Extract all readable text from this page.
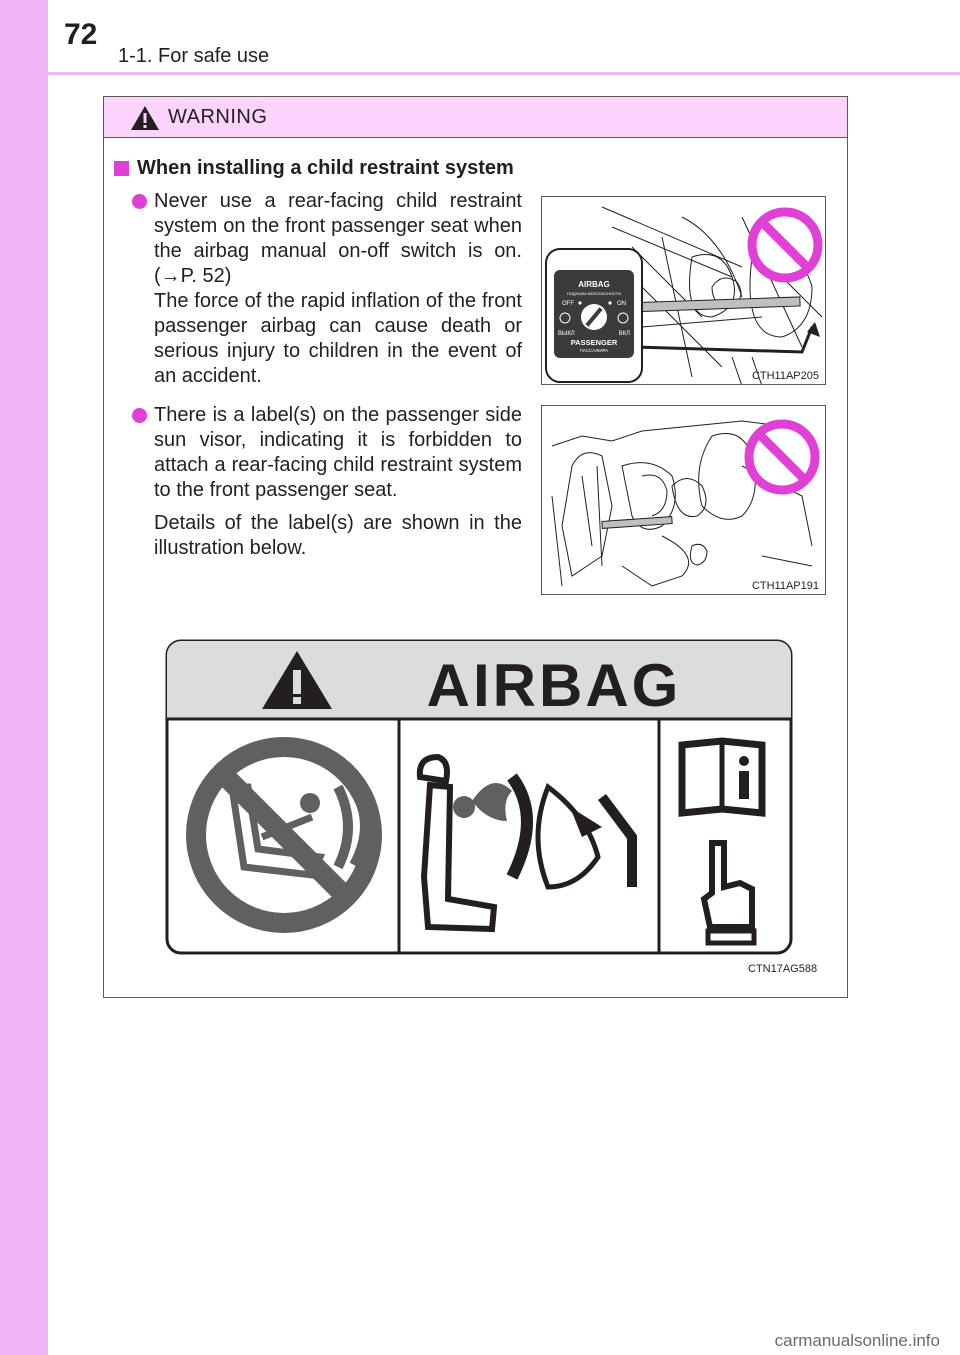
72
1-1. For safe use
WARNING
When installing a child restraint system

Never use a rear-facing child restraint system on the front passenger seat when the airbag manual on-off switch is on. (→P. 52)

The force of the rapid inflation of the front passenger airbag can cause death or serious injury to children in the event of an accident.

There is a label(s) on the passenger side sun visor, indicating it is forbidden to attach a rear-facing child restraint system to the front passenger seat.

Details of the label(s) are shown in the illustration below.

AIRBAG
ПОДУШКА БЕЗОПАСНОСТИ
OFF	ON
ВЫКЛ	ВКЛ
PASSENGER
ПАССАЖИРА
CTH11AP205
CTH11AP191
AIRBAG
CTN17AG588
carmanualsonline.info
